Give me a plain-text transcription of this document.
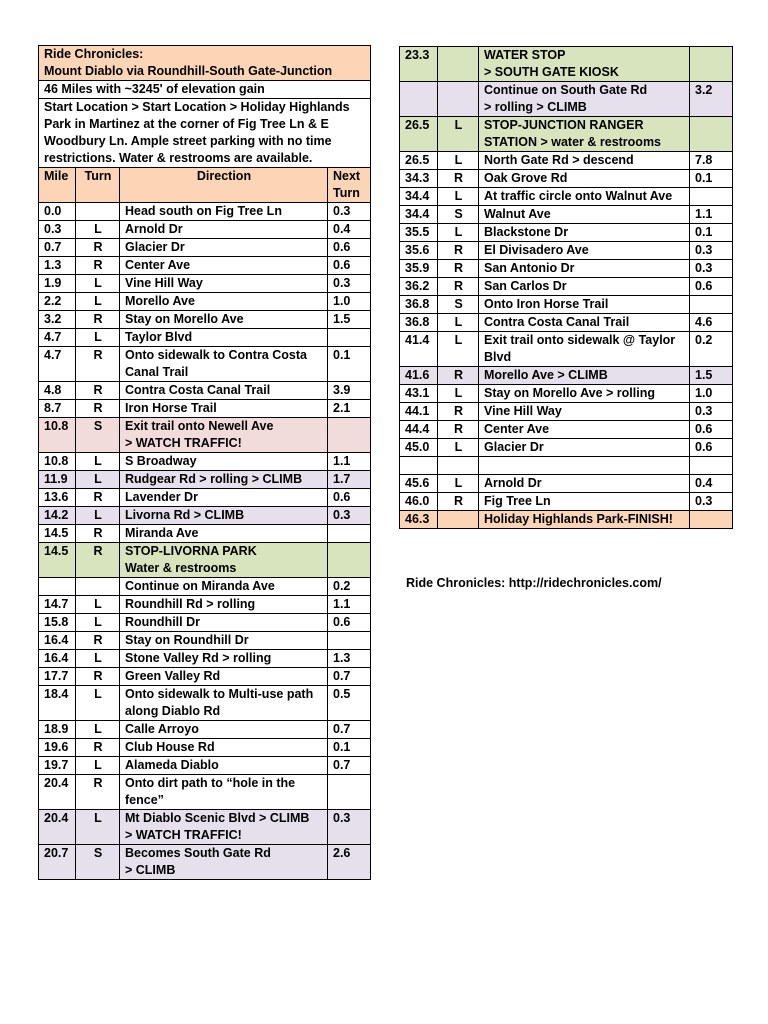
Ride Chronicles:
Mount Diablo via Roundhill-South Gate-Junction			

46 Miles with ~3245' of elevation gain			
Start Location > Start Location > Holiday Highlands Park in Martinez at the corner of Fig Tree Ln & E Woodbury Ln. Ample street parking with no time restrictions. Water & restrooms are available.			
Mile	Turn	Direction	Next Turn
0.0		Head south on Fig Tree Ln	0.3
0.3	L	Arnold Dr	0.4
0.7	R	Glacier Dr	0.6
1.3	R	Center Ave	0.6
1.9	L	Vine Hill Way	0.3
2.2	L	Morello Ave	1.0
3.2	R	Stay on Morello Ave	1.5
4.7	L	Taylor Blvd	
4.7	R	Onto sidewalk to Contra Costa Canal Trail	0.1
4.8	R	Contra Costa Canal Trail	3.9
8.7	R	Iron Horse Trail	2.1
10.8	S	Exit trail onto Newell Ave
> WATCH TRAFFIC!	
10.8	L	S Broadway	1.1
11.9	L	Rudgear Rd > rolling > CLIMB	1.7
13.6	R	Lavender Dr	0.6
14.2	L	Livorna Rd > CLIMB	0.3
14.5	R	Miranda Ave	
14.5	R	STOP-LIVORNA PARK
Water & restrooms	
		Continue on Miranda Ave	0.2
14.7	L	Roundhill Rd > rolling	1.1
15.8	L	Roundhill Dr	0.6
16.4	R	Stay on Roundhill Dr	
16.4	L	Stone Valley Rd > rolling	1.3
17.7	R	Green Valley Rd	0.7
18.4	L	Onto sidewalk to Multi-use path along Diablo Rd	0.5
18.9	L	Calle Arroyo	0.7
19.6	R	Club House Rd	0.1
19.7	L	Alameda Diablo	0.7
20.4	R	Onto dirt path to “hole in the fence”	
20.4	L	Mt Diablo Scenic Blvd > CLIMB
> WATCH TRAFFIC!	0.3
20.7	S	Becomes South Gate Rd
> CLIMB	2.6
23.3		WATER STOP
> SOUTH GATE KIOSK	
		Continue on South Gate Rd
> rolling > CLIMB	3.2
26.5	L	STOP-JUNCTION RANGER STATION > water & restrooms	
26.5	L	North Gate Rd > descend	7.8
34.3	R	Oak Grove Rd	0.1
34.4	L	At traffic circle onto Walnut Ave	
34.4	S	Walnut Ave	1.1
35.5	L	Blackstone Dr	0.1
35.6	R	El Divisadero Ave	0.3
35.9	R	San Antonio Dr	0.3
36.2	R	San Carlos Dr	0.6
36.8	S	Onto Iron Horse Trail	
36.8	L	Contra Costa Canal Trail	4.6
41.4	L	Exit trail onto sidewalk @ Taylor Blvd	0.2
41.6	R	Morello Ave > CLIMB	1.5
43.1	L	Stay on Morello Ave > rolling	1.0
44.1	R	Vine Hill Way	0.3
44.4	R	Center Ave	0.6
45.0	L	Glacier Dr	0.6

45.6	L	Arnold Dr	0.4
46.0	R	Fig Tree Ln	0.3
46.3		Holiday Highlands Park-FINISH!	
Ride Chronicles: http://ridechronicles.com/
